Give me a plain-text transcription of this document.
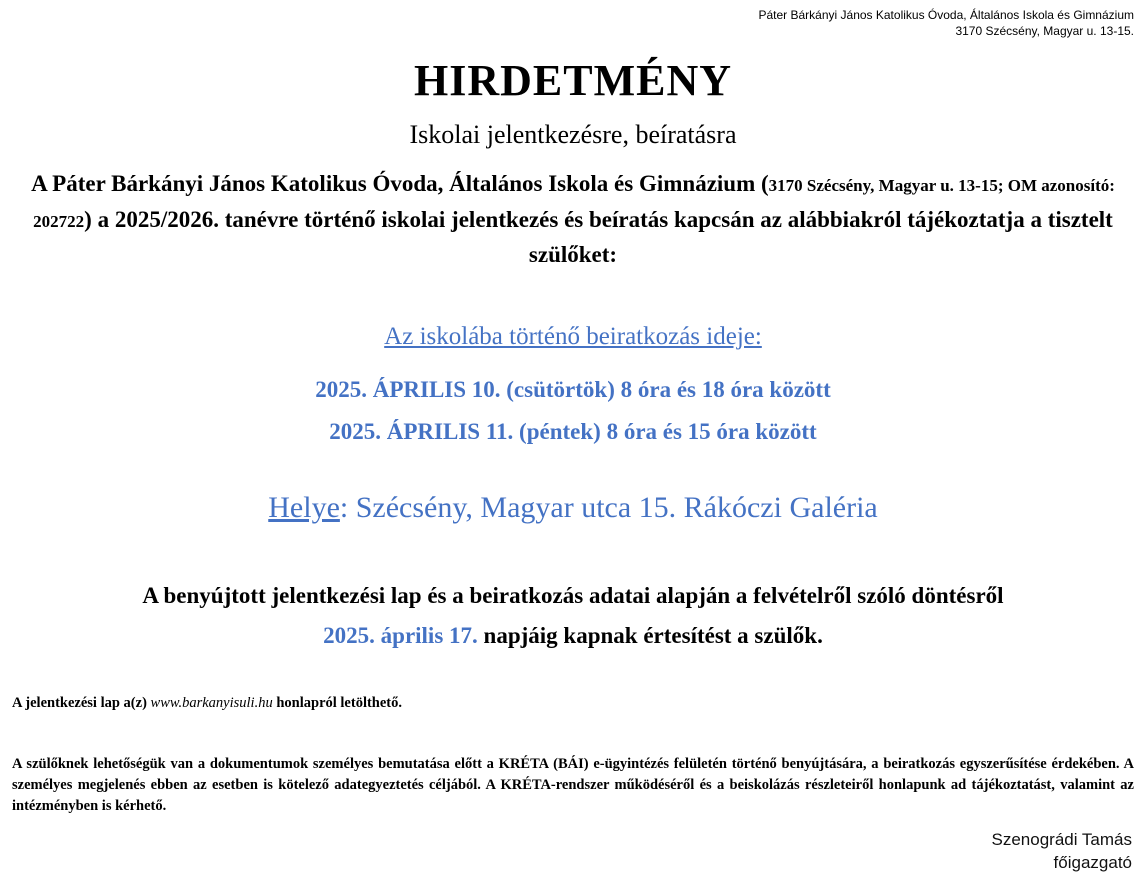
Páter Bárkányi János Katolikus Óvoda, Általános Iskola és Gimnázium
3170 Szécsény, Magyar u. 13-15.
HIRDETMÉNY
Iskolai jelentkezésre, beíratásra
A Páter Bárkányi János Katolikus Óvoda, Általános Iskola és Gimnázium (3170 Szécsény, Magyar u. 13-15; OM azonosító: 202722) a 2025/2026. tanévre történő iskolai jelentkezés és beíratás kapcsán az alábbiakról tájékoztatja a tisztelt szülőket:
Az iskolába történő beiratkozás ideje:
2025. ÁPRILIS 10. (csütörtök) 8 óra és 18 óra között
2025. ÁPRILIS 11. (péntek) 8 óra és 15 óra között
Helye: Szécsény, Magyar utca 15. Rákóczi Galéria
A benyújtott jelentkezési lap és a beiratkozás adatai alapján a felvételről szóló döntésről
2025. április 17. napjáig kapnak értesítést a szülők.
A jelentkezési lap a(z) www.barkanyisuli.hu honlapról letölthető.
A szülőknek lehetőségük van a dokumentumok személyes bemutatása előtt a KRÉTA (BÁI) e-ügyintézés felületén történő benyújtására, a beiratkozás egyszerűsítése érdekében. A személyes megjelenés ebben az esetben is kötelező adategyeztetés céljából. A KRÉTA-rendszer működéséről és a beiskolázás részleteiről honlapunk ad tájékoztatást, valamint az intézményben is kérhető.
Szenográdi Tamás
főigazgató
